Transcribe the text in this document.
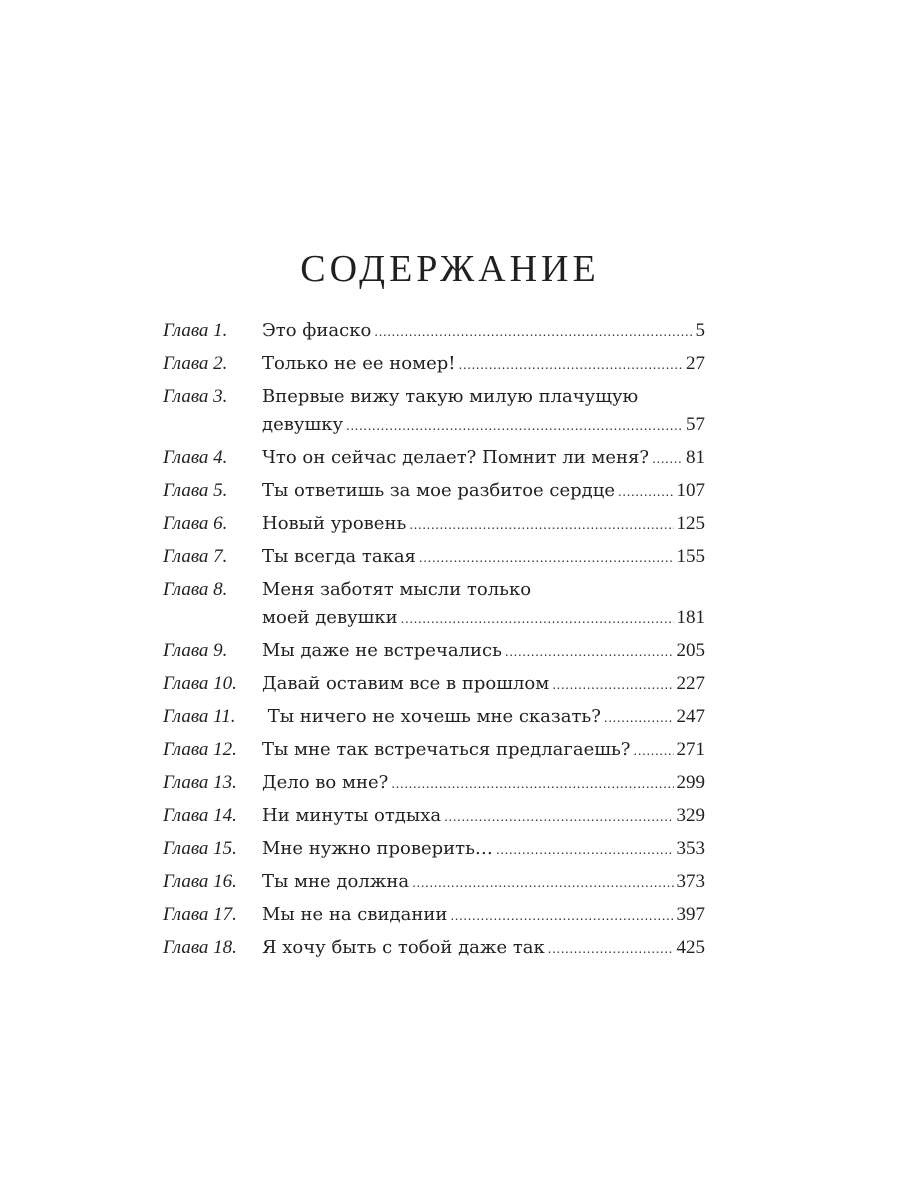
СОДЕРЖАНИЕ
Глава 1.	Это фиаско .....	5
Глава 2.	Только не ее номер! .....	27
Глава 3.	Впервые вижу такую милую плачущую
девушку .....	57
Глава 4.	Что он сейчас делает? Помнит ли меня? ..... 81
Глава 5.	Ты ответишь за мое разбитое сердце .....	107
Глава 6.	Новый уровень .....	125
Глава 7.	Ты всегда такая .....	155
Глава 8.	Меня заботят мысли только
моей девушки .....	181
Глава 9.	Мы даже не встречались .....	205
Глава 10.	Давай оставим все в прошлом .....	227
Глава 11.	Ты ничего не хочешь мне сказать? .....	247
Глава 12.	Ты мне так встречаться предлагаешь? ..... 271
Глава 13.	Дело во мне? .....	299
Глава 14.	Ни минуты отдыха .....	329
Глава 15.	Мне нужно проверить… .....	353
Глава 16.	Ты мне должна .....	373
Глава 17.	Мы не на свидании .....	397
Глава 18.	Я хочу быть с тобой даже так .....	425
